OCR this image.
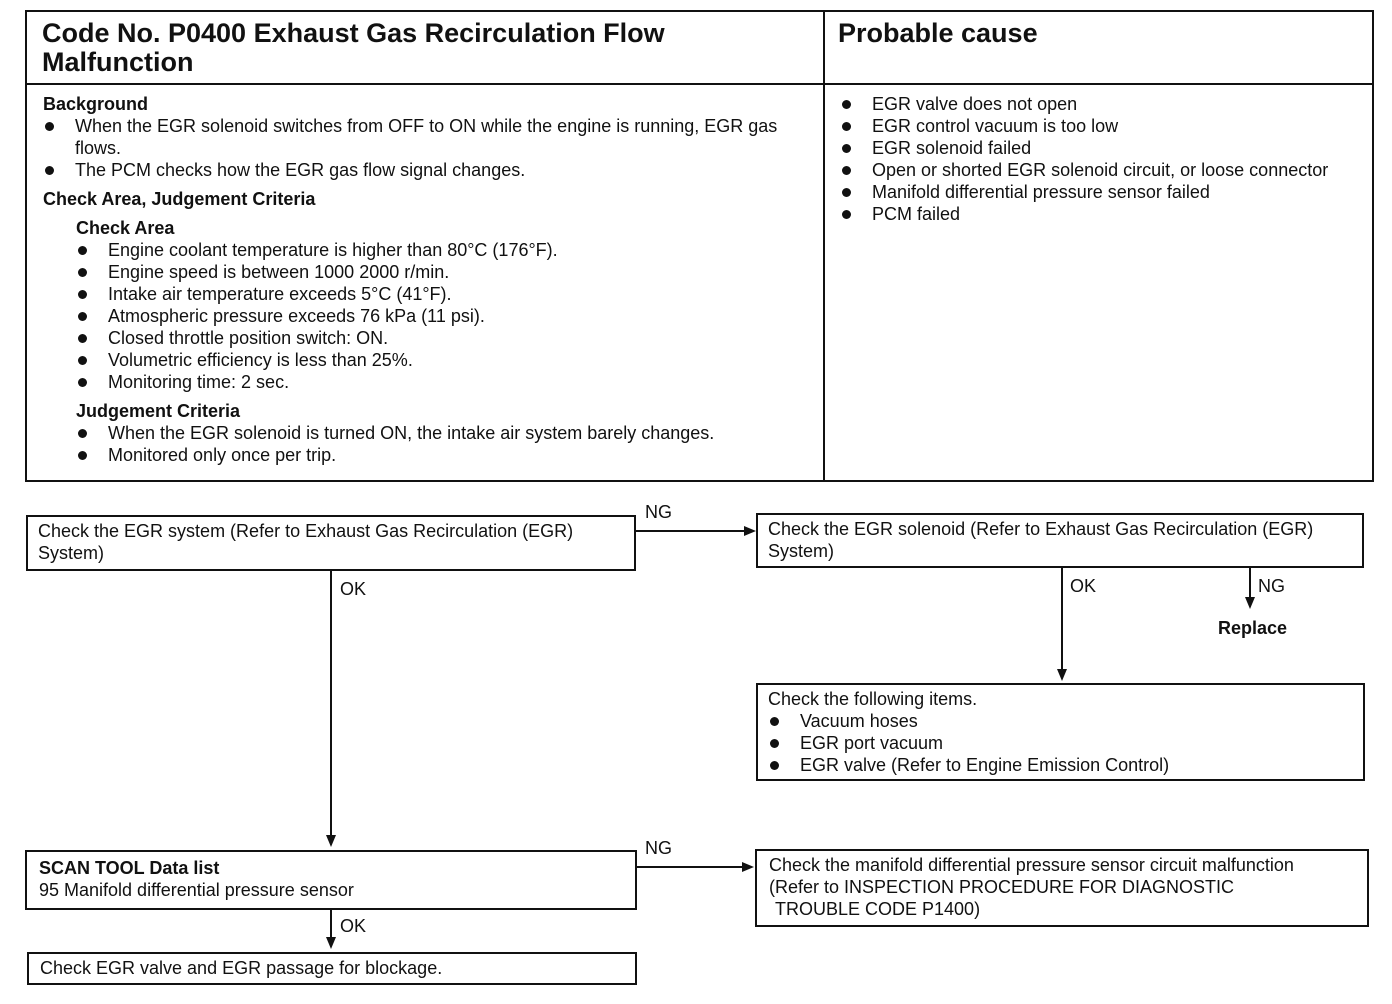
Code No. P0400 Exhaust Gas Recirculation Flow Malfunction
Probable cause
Background
When the EGR solenoid switches from OFF to ON while the engine is running, EGR gas flows.
The PCM checks how the EGR gas flow signal changes.
Check Area, Judgement Criteria
Check Area
Engine coolant temperature is higher than 80°C (176°F).
Engine speed is between 1000 2000 r/min.
Intake air temperature exceeds 5°C (41°F).
Atmospheric pressure exceeds 76 kPa (11 psi).
Closed throttle position switch: ON.
Volumetric efficiency is less than 25%.
Monitoring time: 2 sec.
Judgement Criteria
When the EGR solenoid is turned ON, the intake air system barely changes.
Monitored only once per trip.
EGR valve does not open
EGR control vacuum is too low
EGR solenoid failed
Open or shorted EGR solenoid circuit, or loose connector
Manifold differential pressure sensor failed
PCM failed
Check the EGR system (Refer to Exhaust Gas Recirculation (EGR) System)
Check the EGR solenoid (Refer to Exhaust Gas Recirculation (EGR) System)
NG
OK	NG
Replace
Check the following items.
Vacuum hoses
EGR port vacuum
EGR valve (Refer to Engine Emission Control)
OK
SCAN TOOL Data list
95 Manifold differential pressure sensor
NG
Check the manifold differential pressure sensor circuit malfunction
(Refer to INSPECTION PROCEDURE FOR DIAGNOSTIC
TROUBLE CODE P1400)
OK
Check EGR valve and EGR passage for blockage.
